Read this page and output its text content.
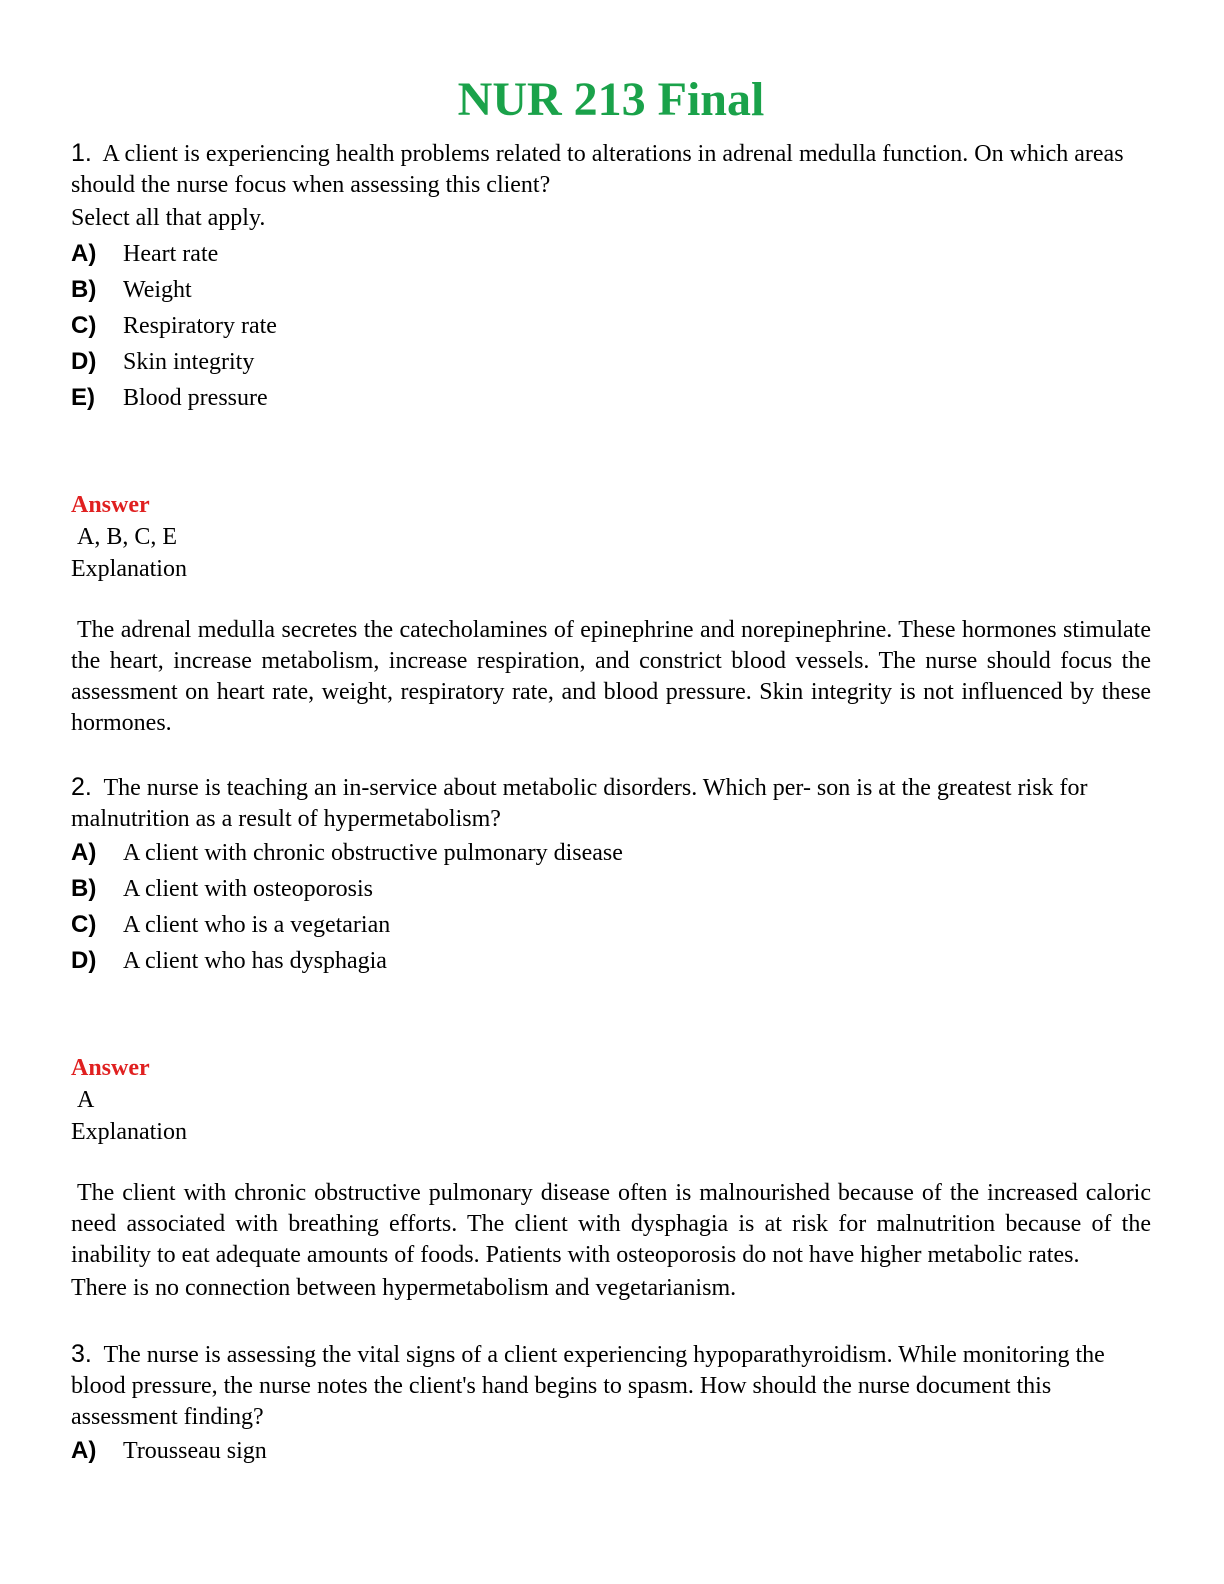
NUR 213 Final

1. A client is experiencing health problems related to alterations in adrenal medulla function. On which areas should the nurse focus when assessing this client?

Select all that apply.

A) Heart rate

B) Weight

C) Respiratory rate

D) Skin integrity

E) Blood pressure

Answer

A, B, C, E

Explanation

The adrenal medulla secretes the catecholamines of epinephrine and norepinephrine. These hormones stimulate the heart, increase metabolism, increase respiration, and constrict blood vessels. The nurse should focus the assessment on heart rate, weight, respiratory rate, and blood pressure. Skin integrity is not influenced by these hormones.

2. The nurse is teaching an in-service about metabolic disorders. Which per- son is at the greatest risk for malnutrition as a result of hypermetabolism?

A) A client with chronic obstructive pulmonary disease

B) A client with osteoporosis

C) A client who is a vegetarian

D) A client who has dysphagia

Answer

A

Explanation

The client with chronic obstructive pulmonary disease often is malnourished because of the increased caloric need associated with breathing efforts. The client with dysphagia is at risk for malnutrition because of the inability to eat adequate amounts of foods. Patients with osteoporosis do not have higher metabolic rates.

There is no connection between hypermetabolism and vegetarianism.

3. The nurse is assessing the vital signs of a client experiencing hypoparathyroidism. While monitoring the blood pressure, the nurse notes the client's hand begins to spasm. How should the nurse document this assessment finding?

A) Trousseau sign
